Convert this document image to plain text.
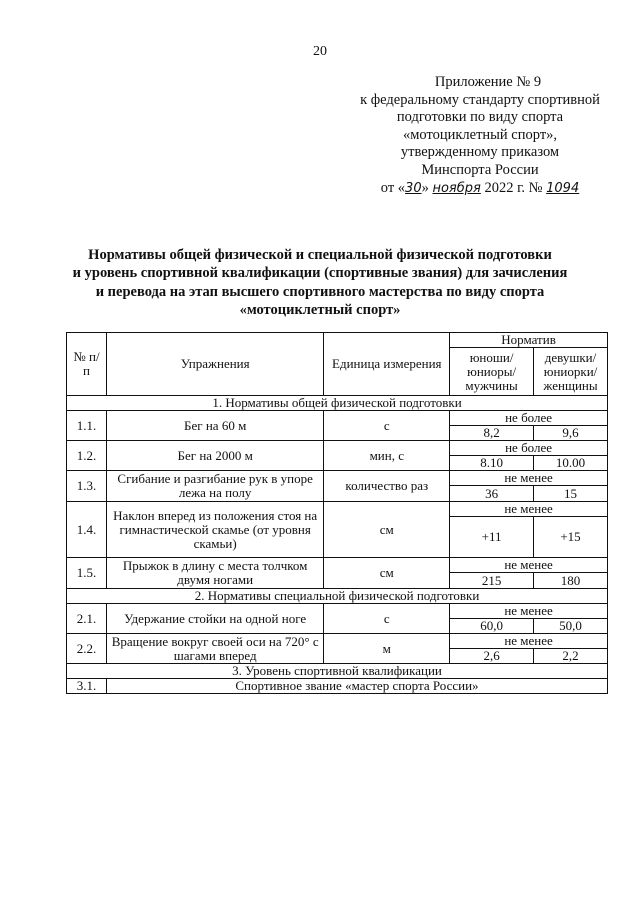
20
Приложение № 9
к федеральному стандарту спортивной
подготовки по виду спорта
«мотоциклетный спорт»,
утвержденному приказом
Минспорта России
от «30» ноября 2022 г. № 1094
Нормативы общей физической и специальной физической подготовки
и уровень спортивной квалификации (спортивные звания) для зачисления
и перевода на этап высшего спортивного мастерства по виду спорта
«мотоциклетный спорт»
№ п/п	Упражнения	Единица измерения	Норматив	
			юноши/ юниоры/ мужчины	девушки/ юниорки/ женщины
1. Нормативы общей физической подготовки				
1.1.	Бег на 60 м	с	не более	
			8,2	9,6
1.2.	Бег на 2000 м	мин, с	не более	
			8.10	10.00
1.3.	Сгибание и разгибание рук в упоре лежа на полу	количество раз	не менее	
			36	15
1.4.	Наклон вперед из положения стоя на гимнастической скамье (от уровня скамьи)	см	не менее	
			+11	+15
1.5.	Прыжок в длину с места толчком двумя ногами	см	не менее	
			215	180
2. Нормативы специальной физической подготовки				
2.1.	Удержание стойки на одной ноге	с	не менее	
			60,0	50,0
2.2.	Вращение вокруг своей оси на 720° с шагами вперед	м	не менее	
			2,6	2,2
3. Уровень спортивной квалификации				
3.1.	Спортивное звание «мастер спорта России»			
